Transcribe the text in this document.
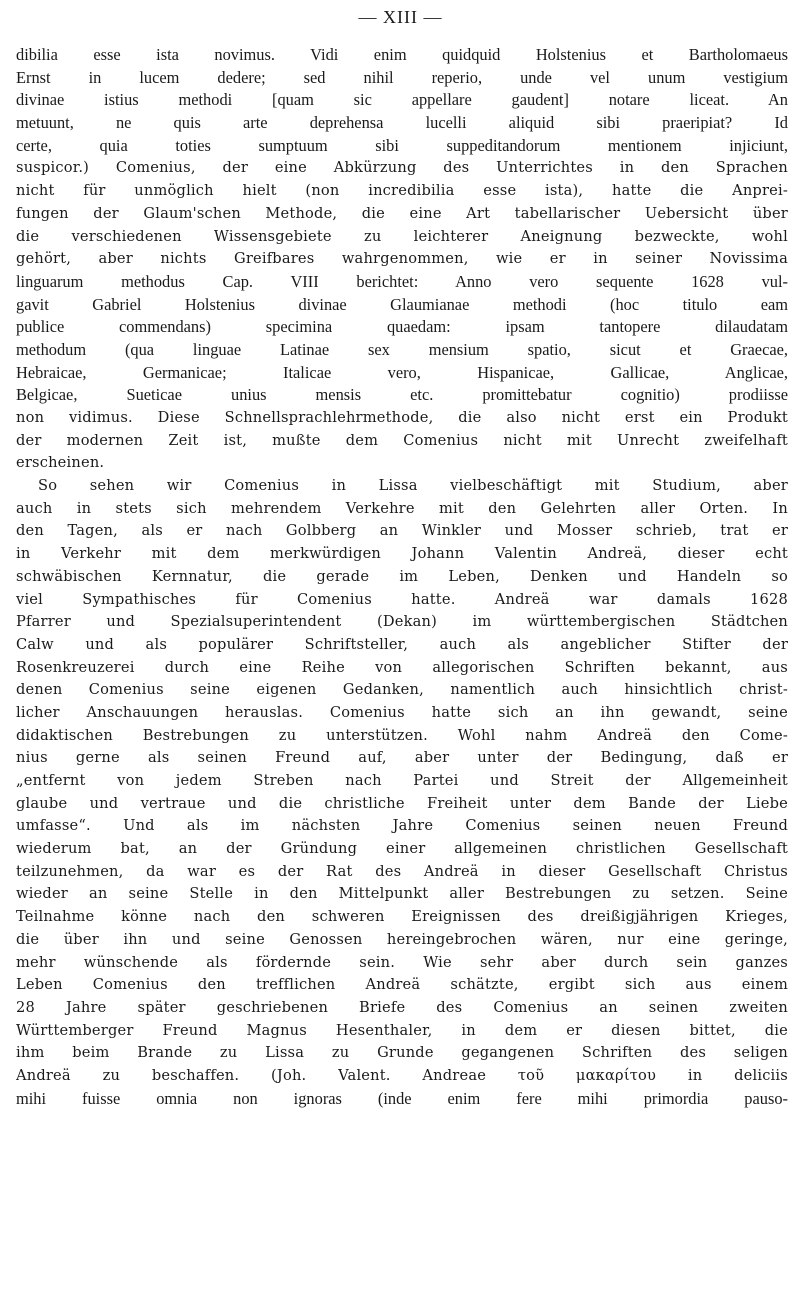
— XIII —
dibilia esse ista novimus. Vidi enim quidquid Holstenius et Bartholomaeus
Ernst in lucem dedere; sed nihil reperio, unde vel unum vestigium
divinae istius methodi [quam sic appellare gaudent] notare liceat. An
metuunt, ne quis arte deprehensa lucelli aliquid sibi praeripiat? Id
certe, quia toties sumptuum sibi suppeditandorum mentionem injiciunt,
suspicor.) Comenius, der eine Abkürzung des Unterrichtes in den Sprachen
nicht für unmöglich hielt (non incredibilia esse ista), hatte die Anprei-
fungen der Glaum'schen Methode, die eine Art tabellarischer Uebersicht über
die verschiedenen Wissensgebiete zu leichterer Aneignung bezweckte, wohl
gehört, aber nichts Greifbares wahrgenommen, wie er in seiner Novissima
linguarum methodus Cap. VIII berichtet: Anno vero sequente 1628 vul-
gavit Gabriel Holstenius divinae Glaumianae methodi (hoc titulo eam
publice commendans) specimina quaedam: ipsam tantopere dilaudatam
methodum (qua linguae Latinae sex mensium spatio, sicut et Graecae,
Hebraicae, Germanicae; Italicae vero, Hispanicae, Gallicae, Anglicae,
Belgicae, Sueticae unius mensis etc. promittebatur cognitio) prodiisse
non vidimus. Diese Schnellsprachlehrmethode, die also nicht erst ein Produkt
der modernen Zeit ist, mußte dem Comenius nicht mit Unrecht zweifelhaft
erscheinen.
So sehen wir Comenius in Lissa vielbeschäftigt mit Studium, aber
auch in stets sich mehrendem Verkehre mit den Gelehrten aller Orten. In
den Tagen, als er nach Golbberg an Winkler und Mosser schrieb, trat er
in Verkehr mit dem merkwürdigen Johann Valentin Andreä, dieser echt
schwäbischen Kernnatur, die gerade im Leben, Denken und Handeln so
viel Sympathisches für Comenius hatte. Andreä war damals 1628
Pfarrer und Spezialsuperintendent (Dekan) im württembergischen Städtchen
Calw und als populärer Schriftsteller, auch als angeblicher Stifter der
Rosenkreuzerei durch eine Reihe von allegorischen Schriften bekannt, aus
denen Comenius seine eigenen Gedanken, namentlich auch hinsichtlich christ-
licher Anschauungen herauslas. Comenius hatte sich an ihn gewandt, seine
didaktischen Bestrebungen zu unterstützen. Wohl nahm Andreä den Come-
nius gerne als seinen Freund auf, aber unter der Bedingung, daß er
„entfernt von jedem Streben nach Partei und Streit der Allgemeinheit
glaube und vertraue und die christliche Freiheit unter dem Bande der Liebe
umfasse“. Und als im nächsten Jahre Comenius seinen neuen Freund
wiederum bat, an der Gründung einer allgemeinen christlichen Gesellschaft
teilzunehmen, da war es der Rat des Andreä in dieser Gesellschaft Christus
wieder an seine Stelle in den Mittelpunkt aller Bestrebungen zu setzen. Seine
Teilnahme könne nach den schweren Ereignissen des dreißigjährigen Krieges,
die über ihn und seine Genossen hereingebrochen wären, nur eine geringe,
mehr wünschende als fördernde sein. Wie sehr aber durch sein ganzes
Leben Comenius den trefflichen Andreä schätzte, ergibt sich aus einem
28 Jahre später geschriebenen Briefe des Comenius an seinen zweiten
Württemberger Freund Magnus Hesenthaler, in dem er diesen bittet, die
ihm beim Brande zu Lissa zu Grunde gegangenen Schriften des seligen
Andreä zu beschaffen. (Joh. Valent. Andreae τοῦ μακαρίτου in deliciis
mihi fuisse omnia non ignoras (inde enim fere mihi primordia pauso-
